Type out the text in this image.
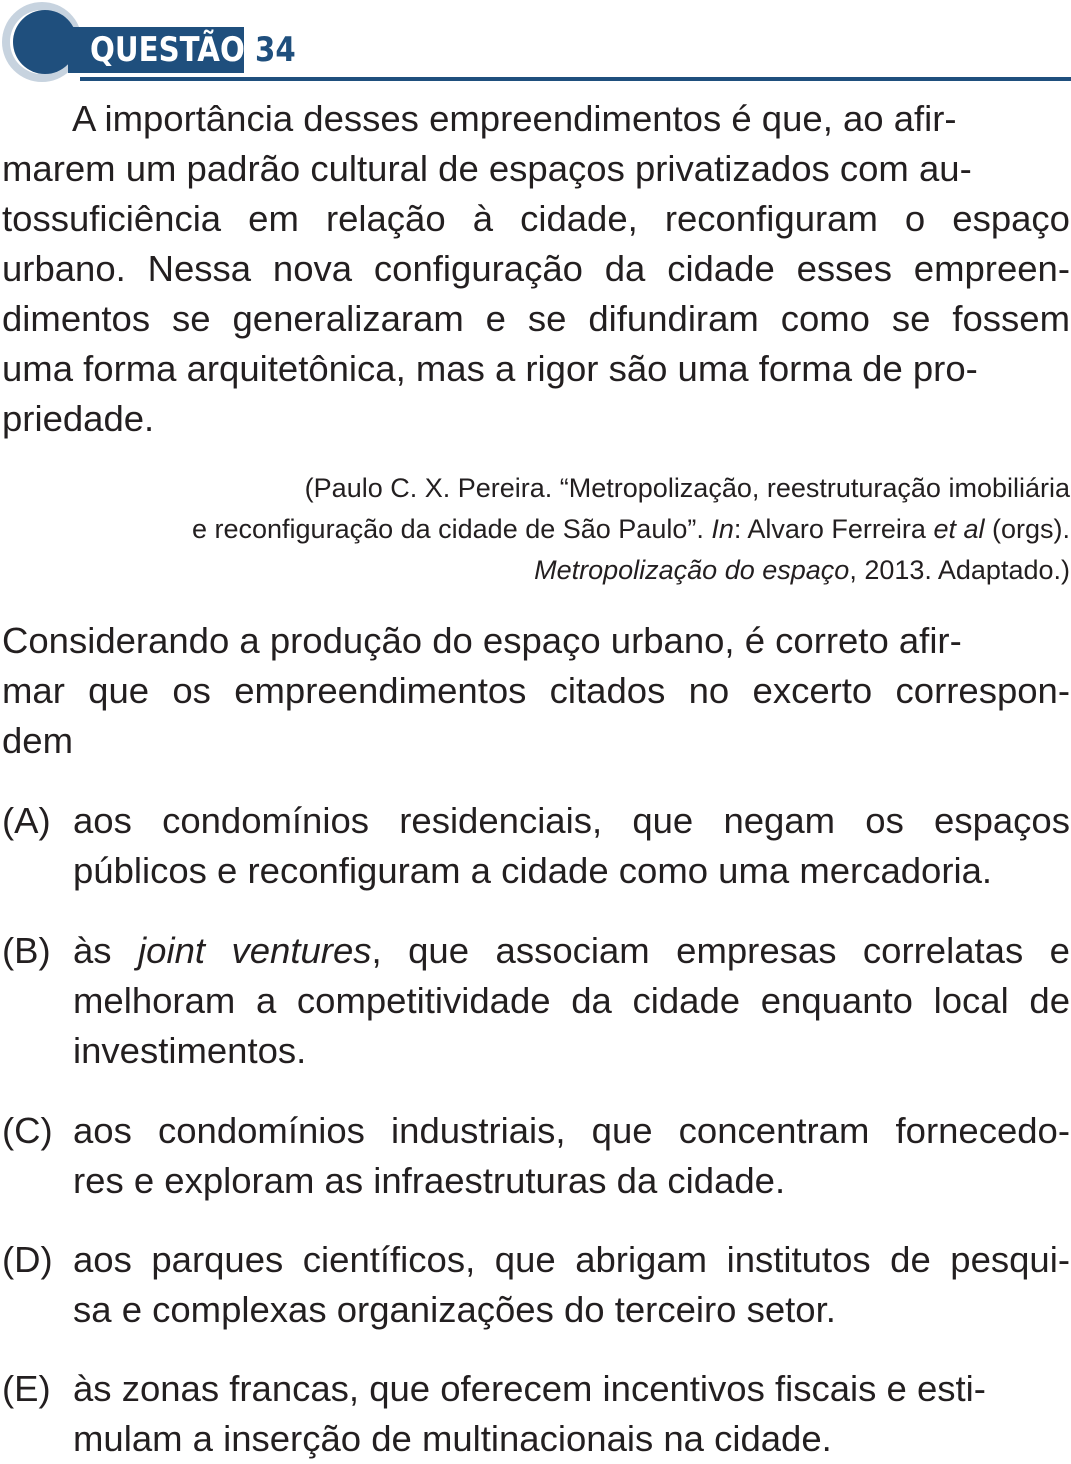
QUESTÃO 34
A importância desses empreendimentos é que, ao afir-
marem um padrão cultural de espaços privatizados com au-
tossuficiência em relação à cidade, reconfiguram o espaço
urbano. Nessa nova configuração da cidade esses empreen-
dimentos se generalizaram e se difundiram como se fossem
uma forma arquitetônica, mas a rigor são uma forma de pro-
priedade.
(Paulo C. X. Pereira. “Metropolização, reestruturação imobiliária
e reconfiguração da cidade de São Paulo”. In: Alvaro Ferreira et al (orgs).
Metropolização do espaço, 2013. Adaptado.)
Considerando a produção do espaço urbano, é correto afir-
mar que os empreendimentos citados no excerto correspon-
dem
(A) aos condomínios residenciais, que negam os espaços
públicos e reconfiguram a cidade como uma mercadoria.
(B) às joint ventures, que associam empresas correlatas e
melhoram a competitividade da cidade enquanto local de
investimentos.
(C) aos condomínios industriais, que concentram fornecedo-
res e exploram as infraestruturas da cidade.
(D) aos parques científicos, que abrigam institutos de pesqui-
sa e complexas organizações do terceiro setor.
(E) às zonas francas, que oferecem incentivos fiscais e esti-
mulam a inserção de multinacionais na cidade.
